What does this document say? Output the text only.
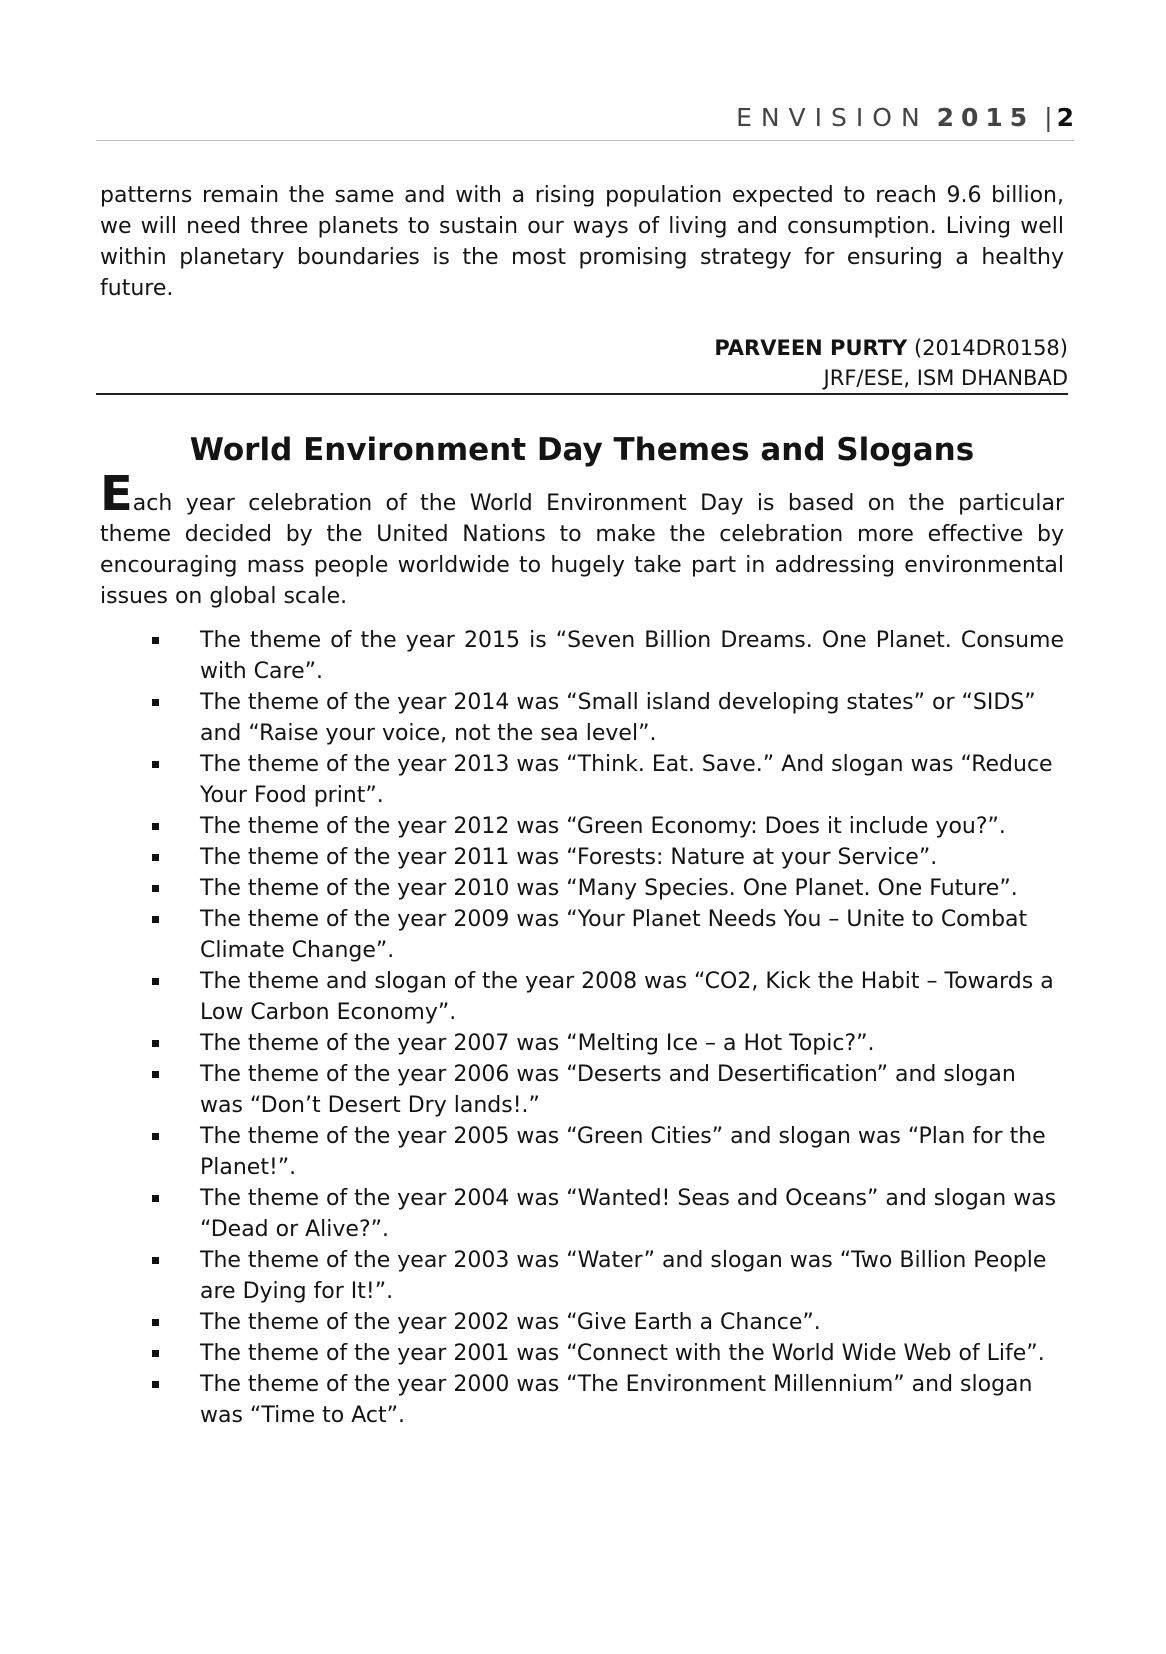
ENVISION 2015 | 2

patterns remain the same and with a rising population expected to reach 9.6 billion, we will need three planets to sustain our ways of living and consumption. Living well within planetary boundaries is the most promising strategy for ensuring a healthy future.

PARVEEN PURTY (2014DR0158)
JRF/ESE, ISM DHANBAD
World Environment Day Themes and Slogans

Each year celebration of the World Environment Day is based on the particular theme decided by the United Nations to make the celebration more effective by encouraging mass people worldwide to hugely take part in addressing environmental issues on global scale.

The theme of the year 2015 is “Seven Billion Dreams. One Planet. Consume with Care”.
The theme of the year 2014 was “Small island developing states” or “SIDS” and “Raise your voice, not the sea level”.
The theme of the year 2013 was “Think. Eat. Save.” And slogan was “Reduce Your Food print”.
The theme of the year 2012 was “Green Economy: Does it include you?”.
The theme of the year 2011 was “Forests: Nature at your Service”.
The theme of the year 2010 was “Many Species. One Planet. One Future”.
The theme of the year 2009 was “Your Planet Needs You – Unite to Combat Climate Change”.
The theme and slogan of the year 2008 was “CO2, Kick the Habit – Towards a Low Carbon Economy”.
The theme of the year 2007 was “Melting Ice – a Hot Topic?”.
The theme of the year 2006 was “Deserts and Desertification” and slogan was “Don’t Desert Dry lands!.”
The theme of the year 2005 was “Green Cities” and slogan was “Plan for the Planet!”.
The theme of the year 2004 was “Wanted! Seas and Oceans” and slogan was “Dead or Alive?”.
The theme of the year 2003 was “Water” and slogan was “Two Billion People are Dying for It!”.
The theme of the year 2002 was “Give Earth a Chance”.
The theme of the year 2001 was “Connect with the World Wide Web of Life”.
The theme of the year 2000 was “The Environment Millennium” and slogan was “Time to Act”.
